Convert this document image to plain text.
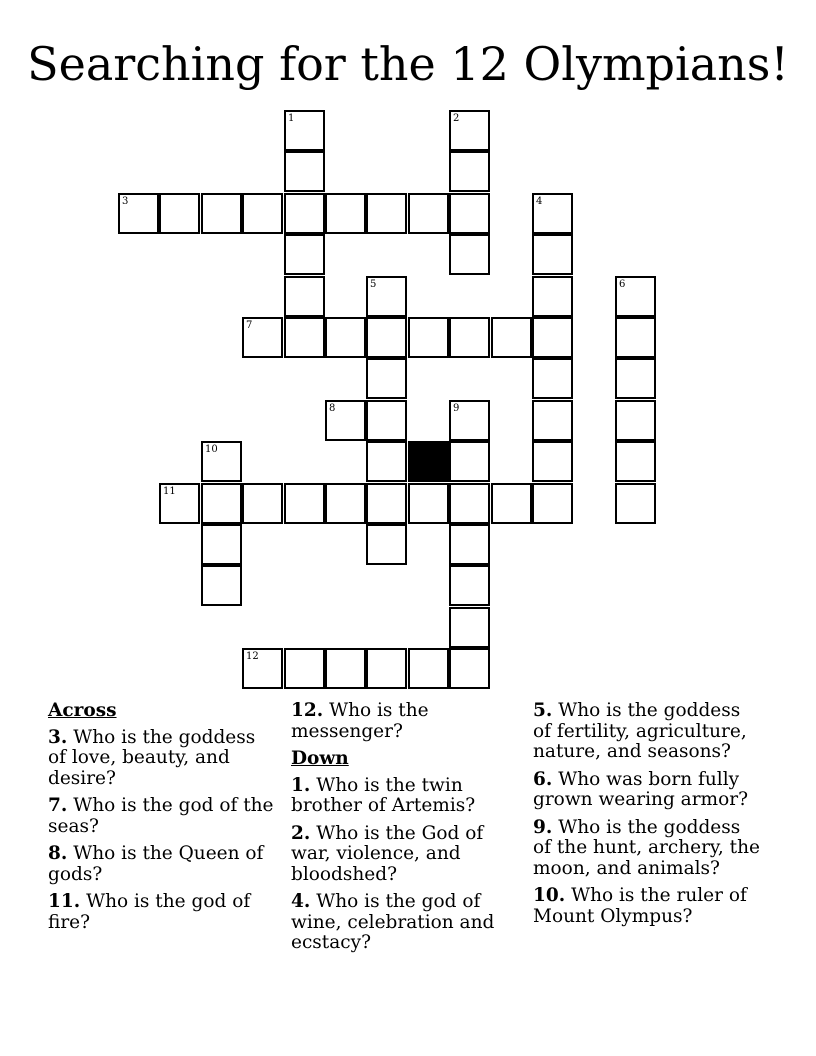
Searching for the 12 Olympians!
1	2
3	4
5	6
7
8	9
10
11
12
Across
3. Who is the goddess of love, beauty, and desire?
7. Who is the god of the seas?
8. Who is the Queen of gods?
11. Who is the god of fire?
12. Who is the messenger?
Down
1. Who is the twin brother of Artemis?
2. Who is the God of war, violence, and bloodshed?
4. Who is the god of wine, celebration and ecstacy?
5. Who is the goddess of fertility, agriculture, nature, and seasons?
6. Who was born fully grown wearing armor?
9. Who is the goddess of the hunt, archery, the moon, and animals?
10. Who is the ruler of Mount Olympus?
